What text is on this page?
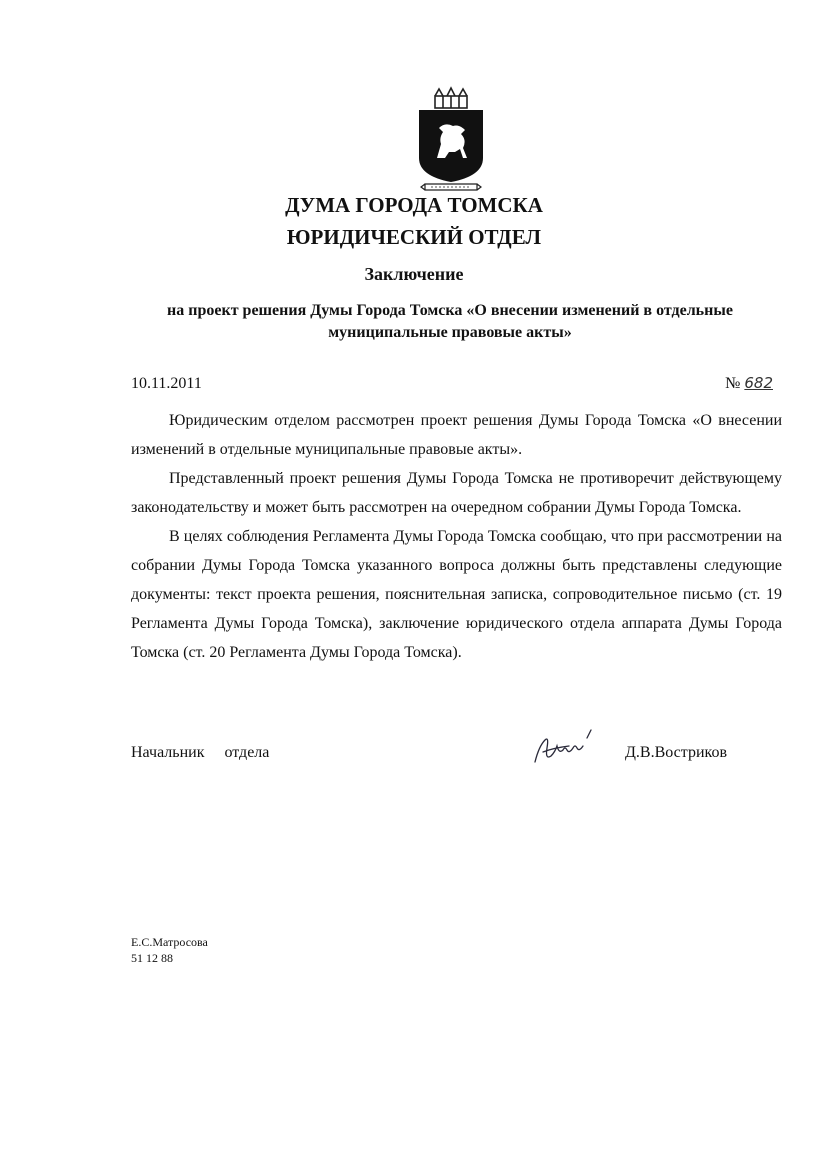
ДУМА ГОРОДА ТОМСКА
ЮРИДИЧЕСКИЙ ОТДЕЛ
Заключение
на проект решения Думы Города Томска «О внесении изменений в отдельные муниципальные правовые акты»
10.11.2011	№ 682

Юридическим отделом рассмотрен проект решения Думы Города Томска «О внесении изменений в отдельные муниципальные правовые акты».

Представленный проект решения Думы Города Томска не противоречит действующему законодательству и может быть рассмотрен на очередном собрании Думы Города Томска.

В целях соблюдения Регламента Думы Города Томска сообщаю, что при рассмотрении на собрании Думы Города Томска указанного вопроса должны быть представлены следующие документы: текст проекта решения, пояснительная записка, сопроводительное письмо (ст. 19 Регламента Думы Города Томска), заключение юридического отдела аппарата Думы Города Томска (ст. 20 Регламента Думы Города Томска).

Начальник отдела	Д.В.Востриков
Е.С.Матросова
51 12 88
